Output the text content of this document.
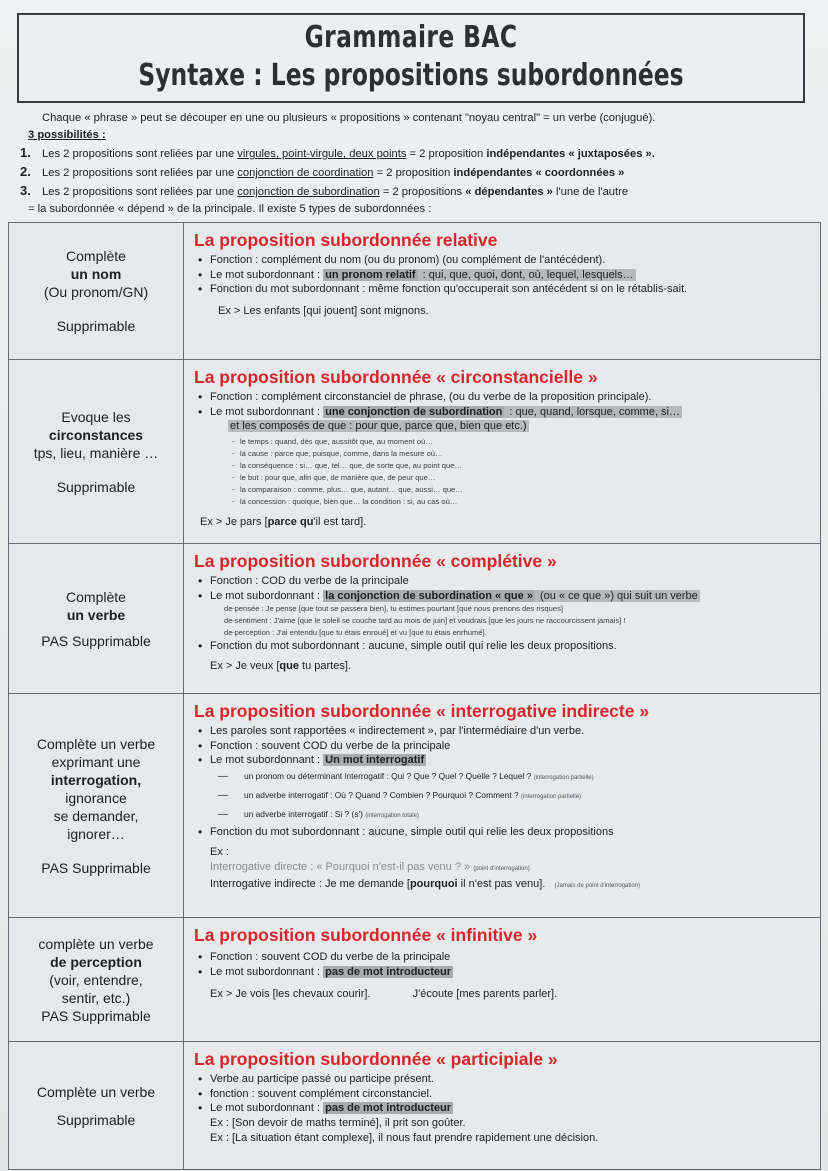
Grammaire BAC
Syntaxe : Les propositions subordonnées
Chaque « phrase » peut se découper en une ou plusieurs « propositions » contenant "noyau central" = un verbe (conjugué).
3 possibilités :
1. Les 2 propositions sont reliées par une virgules, point-virgule, deux points = 2 proposition indépendantes « juxtaposées ».
2. Les 2 propositions sont reliées par une conjonction de coordination = 2 proposition indépendantes « coordonnées »
3. Les 2 propositions sont reliées par une conjonction de subordination = 2 propositions « dépendantes » l'une de l'autre
= la subordonnée « dépend » de la principale. Il existe 5 types de subordonnées :
Complète
un nom
(Ou pronom/GN)
Supprimable
La proposition subordonnée relative
• Fonction : complément du nom (ou du pronom) (ou complément de l'antécédent).
• Le mot subordonnant : un pronom relatif : qui, que, quoi, dont, où, lequel, lesquels…
• Fonction du mot subordonnant : même fonction qu'occuperait son antécédent si on le rétablis-sait.
Ex > Les enfants [qui jouent] sont mignons.
Evoque les
circonstances
tps, lieu, manière …
Supprimable
La proposition subordonnée « circonstancielle »
• Fonction : complément circonstanciel de phrase, (ou du verbe de la proposition principale).
• Le mot subordonnant : une conjonction de subordination : que, quand, lorsque, comme, si…
et les composés de que : pour que, parce que, bien que etc.)
- le temps : quand, dès que, aussitôt que, au moment où…
- la cause : parce que, puisque, comme, dans la mesure où…
- la conséquence : si… que, tel… que, de sorte que, au point que…
- le but : pour que, afin que, de manière que, de peur que…
- la comparaison : comme, plus… que, autant… que, aussi… que…
- la concession : quoique, bien que… la condition : si, au cas où…
Ex > Je pars [parce qu'il est tard].
Complète
un verbe
PAS Supprimable
La proposition subordonnée « complétive »
• Fonction : COD du verbe de la principale
• Le mot subordonnant : la conjonction de subordination « que » (ou « ce que ») qui suit un verbe
- de pensée : Je pense [que tout se passera bien], tu estimes pourtant [que nous prenons des risques]
- de sentiment : J'aime [que le soleil se couche tard au mois de juin] et voudrais [que les jours ne raccourcissent jamais] !
- de perception : J'ai entendu [que tu étais enroué] et vu [que tu étais enrhumé].
• Fonction du mot subordonnant : aucune, simple outil qui relie les deux propositions.
Ex > Je veux [que tu partes].
Complète un verbe
exprimant une
interrogation,
ignorance
se demander,
ignorer…
PAS Supprimable
La proposition subordonnée « interrogative indirecte »
• Les paroles sont rapportées « indirectement », par l'intermédiaire d'un verbe.
• Fonction : souvent COD du verbe de la principale
• Le mot subordonnant : Un mot interrogatif
— un pronom ou déterminant interrogatif : Qui ? Que ? Quel ? Quelle ? Lequel ? (interrogation partielle)
— un adverbe interrogatif : Où ? Quand ? Combien ? Pourquoi ? Comment ? (interrogation partielle)
— un adverbe interrogatif : Si ? (s') (interrogation totale)
• Fonction du mot subordonnant : aucune, simple outil qui relie les deux propositions
Ex :
Interrogative directe : « Pourquoi n'est-il pas venu ? » (point d'interrogation)
Interrogative indirecte : Je me demande [pourquoi il n'est pas venu]. (Jamais de point d'interrogation)
complète un verbe
de perception
(voir, entendre,
sentir, etc.)
PAS Supprimable
La proposition subordonnée « infinitive »
• Fonction : souvent COD du verbe de la principale
• Le mot subordonnant : pas de mot introducteur
Ex > Je vois [les chevaux courir].	J'écoute [mes parents parler].
Complète un verbe
Supprimable
La proposition subordonnée « participiale »
• Verbe au participe passé ou participe présent.
• fonction : souvent complément circonstanciel.
• Le mot subordonnant : pas de mot introducteur
Ex : [Son devoir de maths terminé], il prit son goûter.
Ex : [La situation étant complexe], il nous faut prendre rapidement une décision.
